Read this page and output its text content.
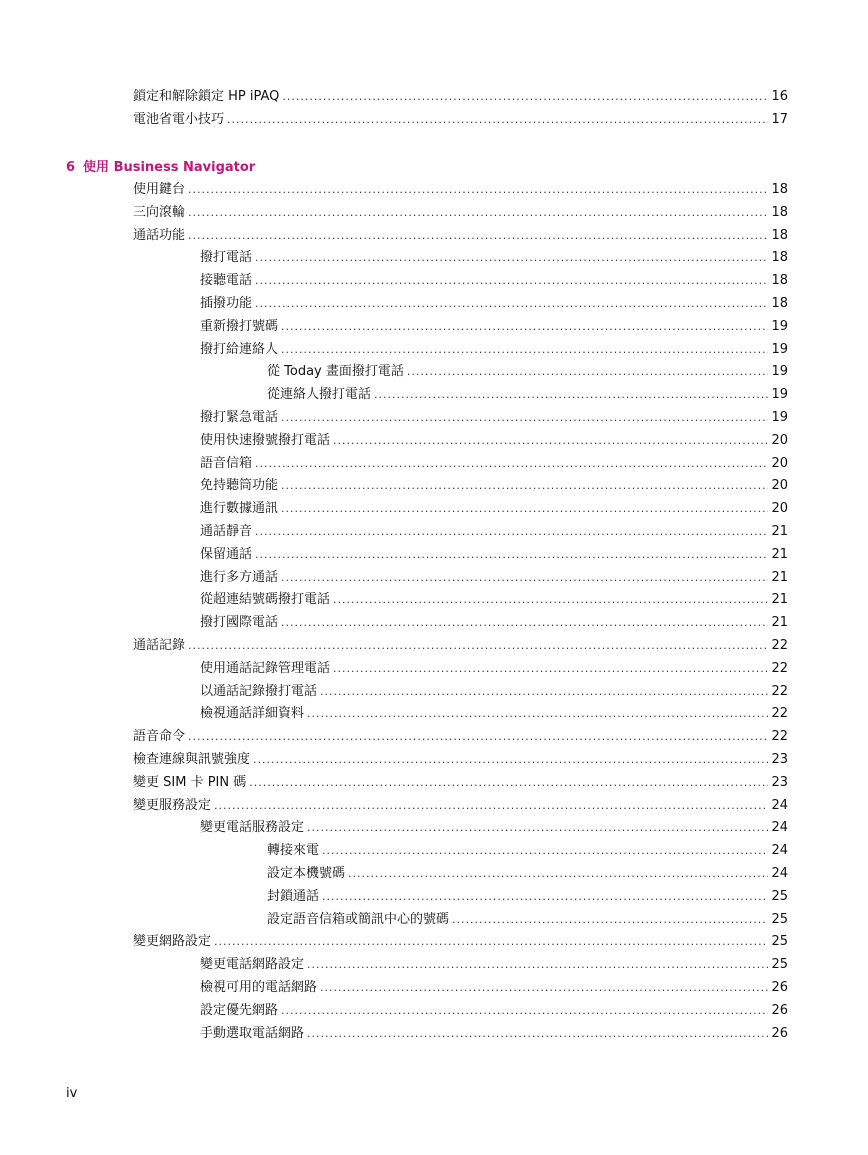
鎖定和解除鎖定 HP iPAQ .....	16
電池省電小技巧 .....	17
6 使用 Business Navigator
使用鍵台 .....	18
三向滾輪 .....	18
通話功能 .....	18
撥打電話 .....	18
接聽電話 .....	18
插撥功能 .....	18
重新撥打號碼 .....	19
撥打給連絡人 .....	19
從 Today 畫面撥打電話 .....	19
從連絡人撥打電話 .....	19
撥打緊急電話 .....	19
使用快速撥號撥打電話 .....	20
語音信箱 .....	20
免持聽筒功能 .....	20
進行數據通訊 .....	20
通話靜音 .....	21
保留通話 .....	21
進行多方通話 .....	21
從超連結號碼撥打電話 .....	21
撥打國際電話 .....	21
通話記錄 .....	22
使用通話記錄管理電話 .....	22
以通話記錄撥打電話 .....	22
檢視通話詳細資料 .....	22
語音命令 .....	22
檢查連線與訊號強度 .....	23
變更 SIM 卡 PIN 碼 .....	23
變更服務設定 .....	24
變更電話服務設定 .....	24
轉接來電 .....	24
設定本機號碼 .....	24
封鎖通話 .....	25
設定語音信箱或簡訊中心的號碼 .....	25
變更網路設定 .....	25
變更電話網路設定 .....	25
檢視可用的電話網路 .....	26
設定優先網路 .....	26
手動選取電話網路 .....	26
iv
